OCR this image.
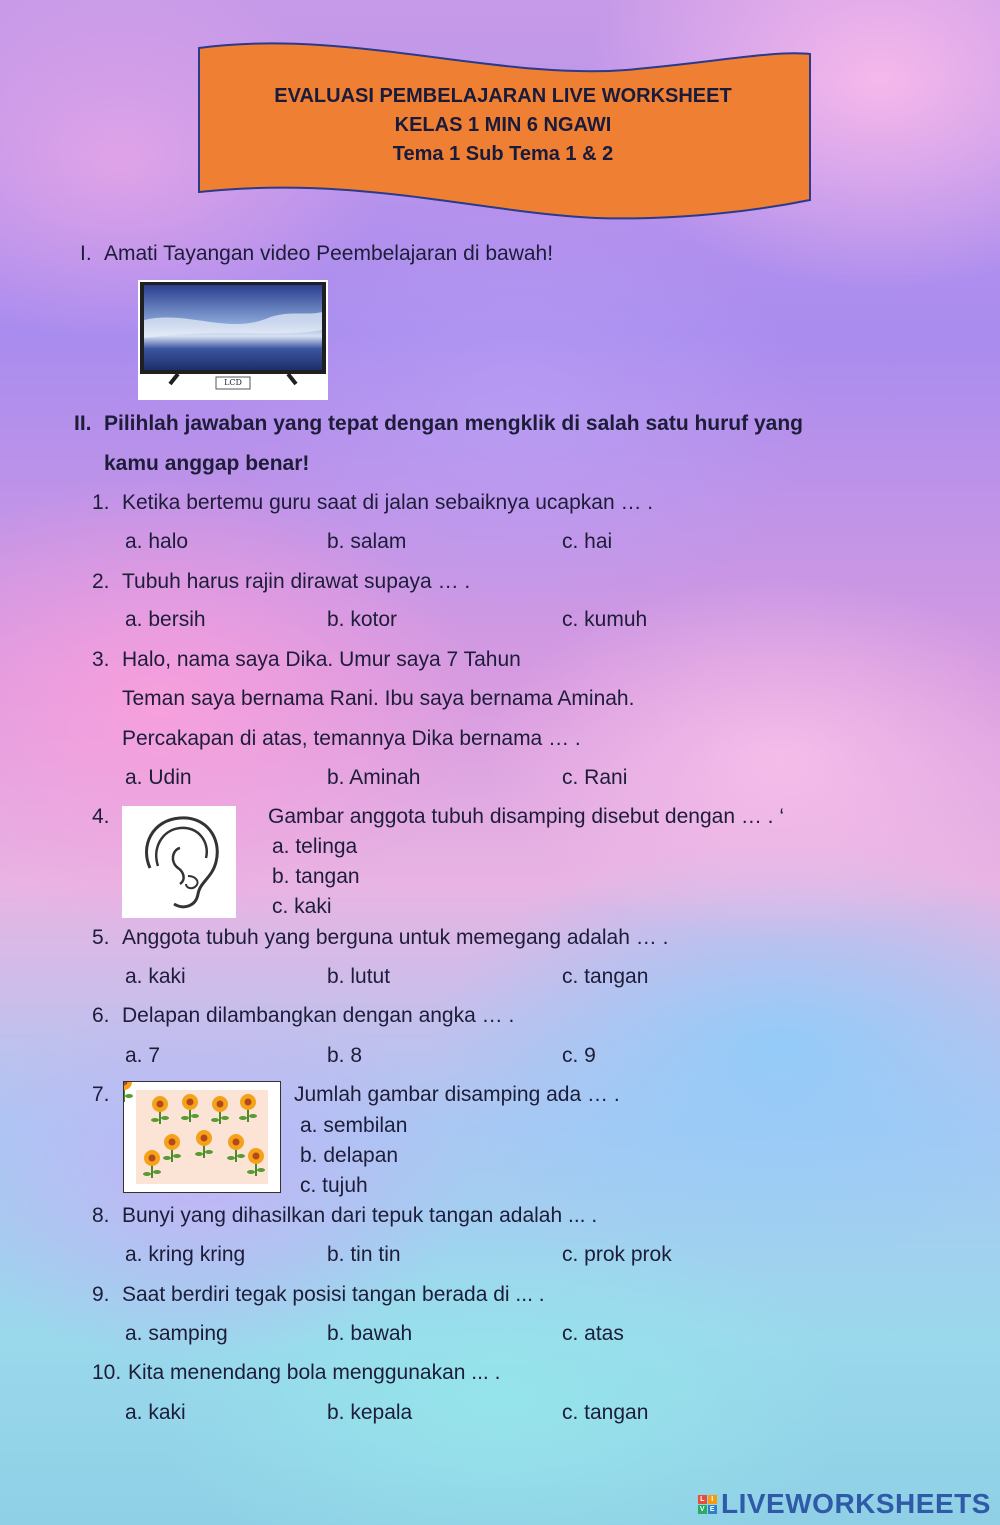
EVALUASI PEMBELAJARAN LIVE WORKSHEET
KELAS 1 MIN 6 NGAWI
Tema 1 Sub Tema 1 & 2
I. Amati Tayangan video Peembelajaran di bawah!
LCD
II. Pilihlah jawaban yang tepat dengan mengklik di salah satu huruf yang
kamu anggap benar!
1. Ketika bertemu guru saat di jalan sebaiknya ucapkan … .
a. halo	b. salam	c. hai
2. Tubuh harus rajin dirawat supaya … .
a. bersih	b. kotor	c. kumuh
3. Halo, nama saya Dika. Umur saya 7 Tahun
Teman saya bernama Rani. Ibu saya bernama Aminah.
Percakapan di atas, temannya Dika bernama … .
a. Udin	b. Aminah	c. Rani
4.	Gambar anggota tubuh disamping disebut dengan … . ‘
a. telinga
b. tangan
c. kaki
5. Anggota tubuh yang berguna untuk memegang adalah … .
a. kaki	b. lutut	c. tangan
6. Delapan dilambangkan dengan angka … .
a. 7	b. 8	c. 9
7.	Jumlah gambar disamping ada … .
a. sembilan
b. delapan
c. tujuh
8. Bunyi yang dihasilkan dari tepuk tangan adalah ... .
a. kring kring	b. tin tin	c. prok prok
9. Saat berdiri tegak posisi tangan berada di ... .
a. samping	b. bawah	c. atas
10. Kita menendang bola menggunakan ... .
a. kaki	b. kepala	c. tangan
L I
V E LIVEWORKSHEETS
